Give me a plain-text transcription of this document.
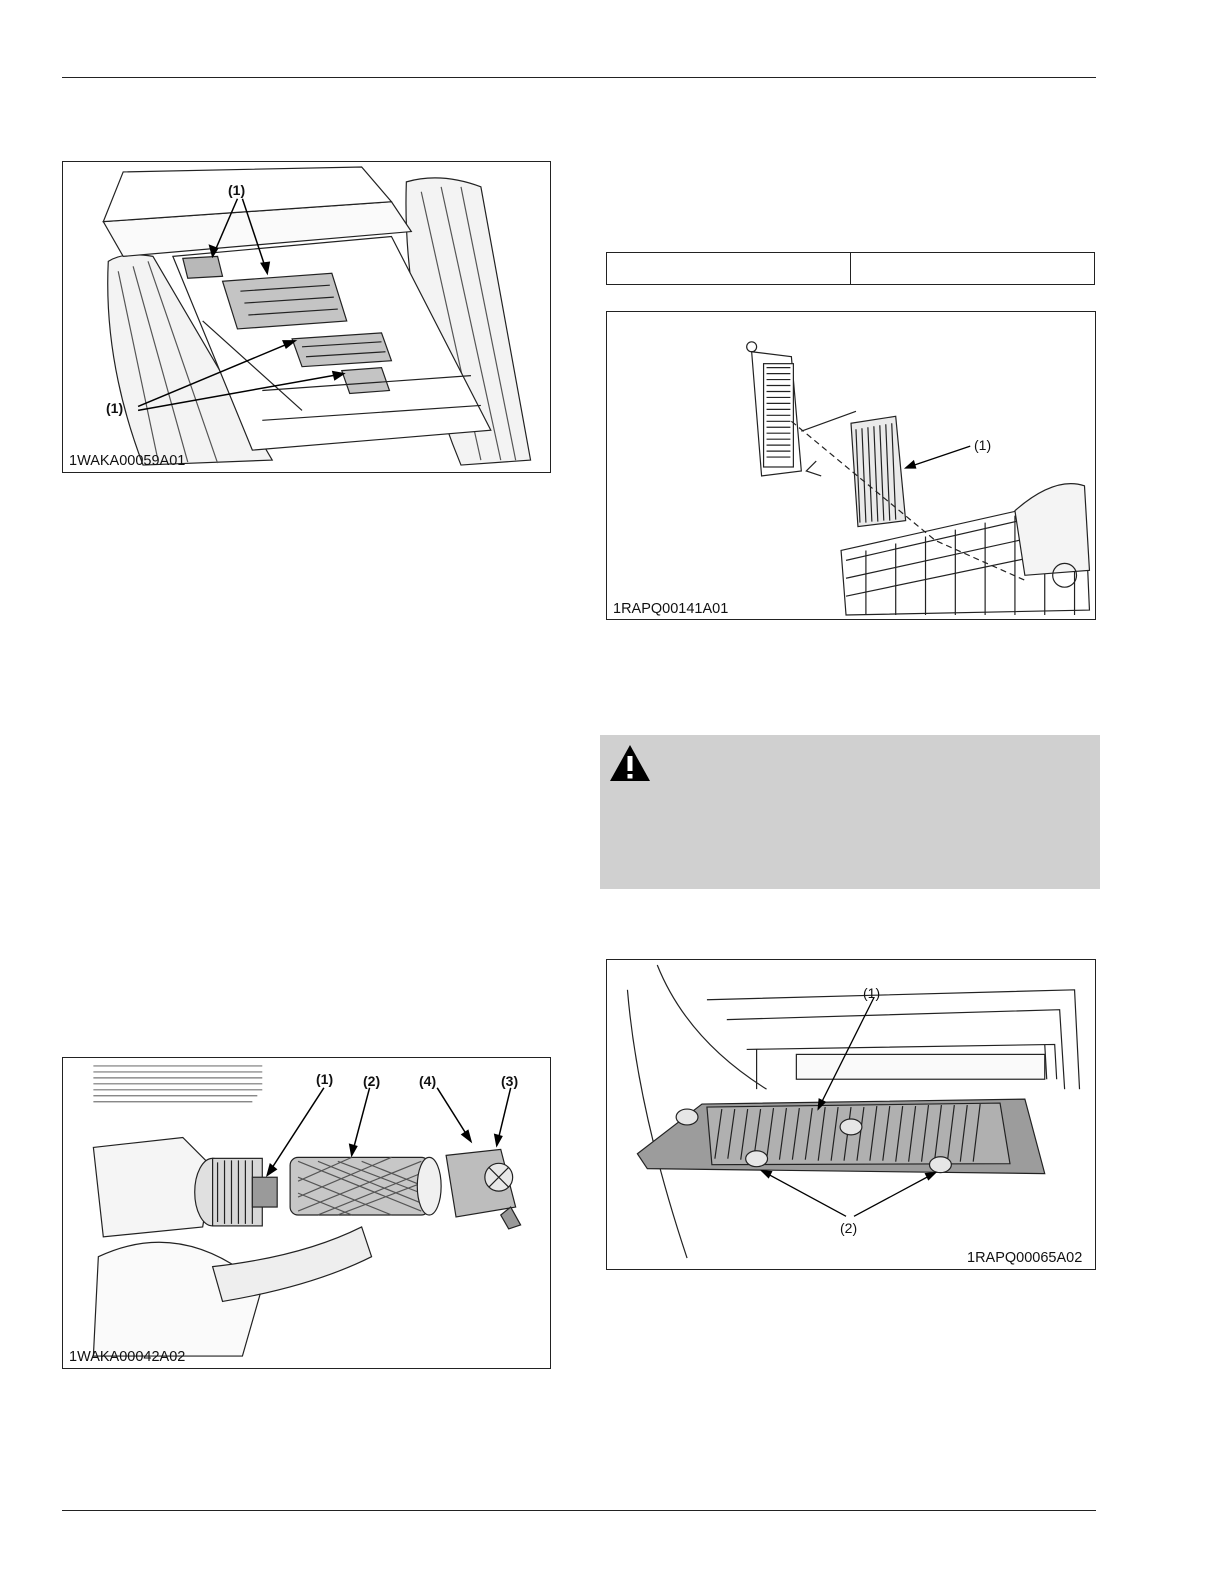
(1)
(1)
1WAKA00059A01
(1) (2)	(4)	(3)
1WAKA00042A02
(1)
1RAPQ00141A01
(1)
(2)
1RAPQ00065A02
